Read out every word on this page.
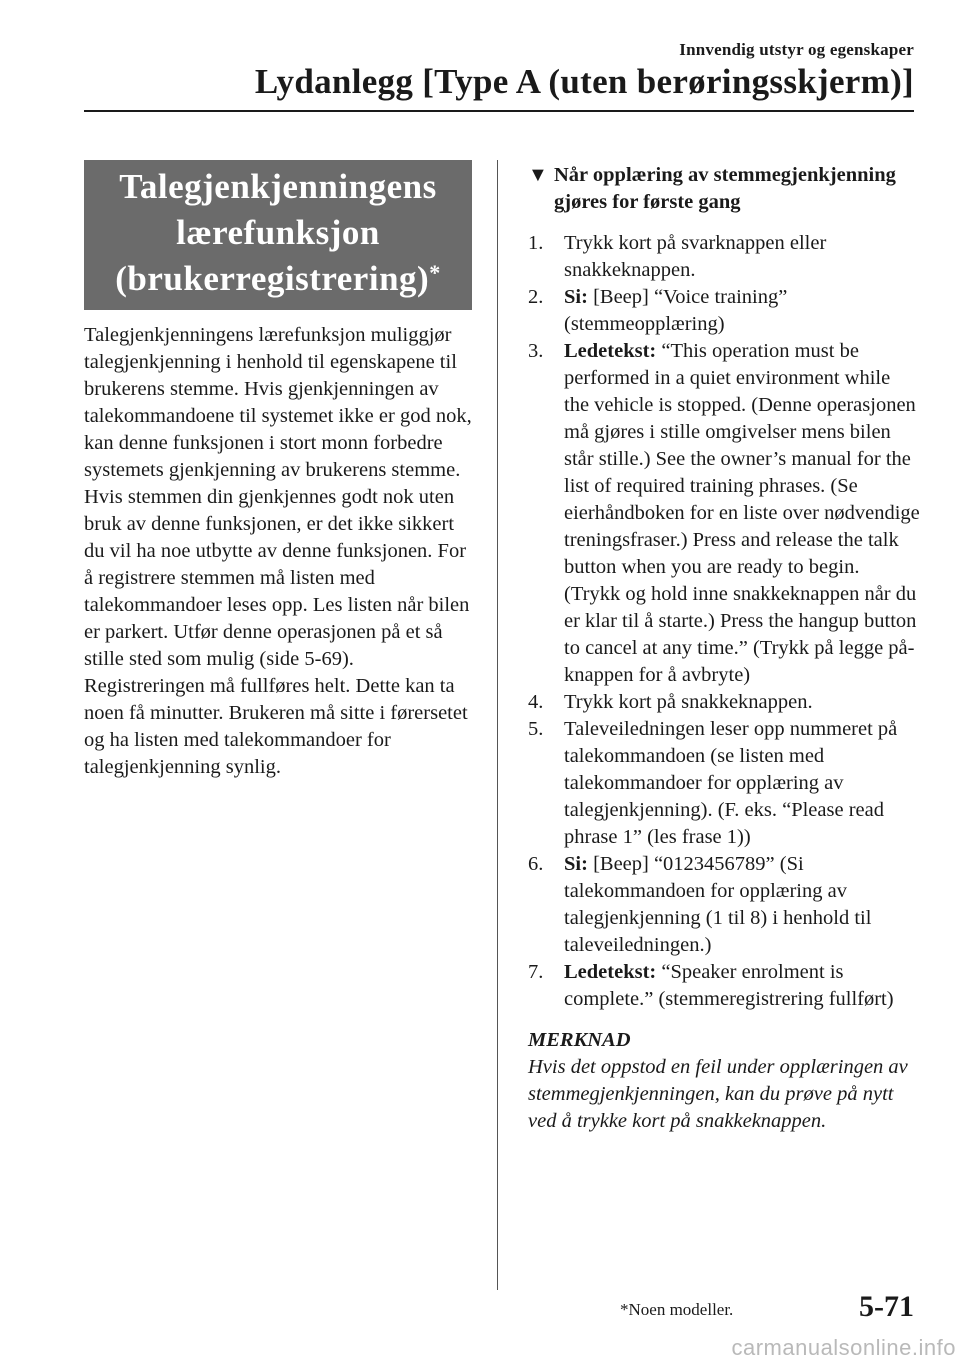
Innvendig utstyr og egenskaper
Lydanlegg [Type A (uten berøringsskjerm)]
Talegjenkjenningens
lærefunksjon
(brukerregistrering)*
Talegjenkjenningens lærefunksjon muliggjør talegjenkjenning i henhold til egenskapene til brukerens stemme. Hvis gjenkjenningen av talekommandoene til systemet ikke er god nok, kan denne funksjonen i stort monn forbedre systemets gjenkjenning av brukerens stemme. Hvis stemmen din gjenkjennes godt nok uten bruk av denne funksjonen, er det ikke sikkert du vil ha noe utbytte av denne funksjonen. For å registrere stemmen må listen med talekommandoer leses opp. Les listen når bilen er parkert. Utfør denne operasjonen på et så stille sted som mulig (side 5-69). Registreringen må fullføres helt. Dette kan ta noen få minutter. Brukeren må sitte i førersetet og ha listen med talekommandoer for talegjenkjenning synlig.
▼ Når opplæring av stemmegjenkjenning gjøres for første gang
1.	Trykk kort på svarknappen eller snakkeknappen.
2.	Si: [Beep] “Voice training” (stemmeopplæring)
3.	Ledetekst: “This operation must be performed in a quiet environment while the vehicle is stopped. (Denne operasjonen må gjøres i stille omgivelser mens bilen står stille.) See the owner’s manual for the list of required training phrases. (Se eierhåndboken for en liste over nødvendige treningsfraser.) Press and release the talk button when you are ready to begin. (Trykk og hold inne snakkeknappen når du er klar til å starte.) Press the hangup button to cancel at any time.” (Trykk på legge på-knappen for å avbryte)
4.	Trykk kort på snakkeknappen.
5.	Taleveiledningen leser opp nummeret på talekommandoen (se listen med talekommandoer for opplæring av talegjenkjenning). (F. eks. “Please read phrase 1” (les frase 1))
6.	Si: [Beep] “0123456789” (Si talekommandoen for opplæring av talegjenkjenning (1 til 8) i henhold til taleveiledningen.)
7.	Ledetekst: “Speaker enrolment is complete.” (stemmeregistrering fullført)
MERKNAD
Hvis det oppstod en feil under opplæringen av stemmegjenkjenningen, kan du prøve på nytt ved å trykke kort på snakkeknappen.
*Noen modeller.	5-71
carmanualsonline.info
